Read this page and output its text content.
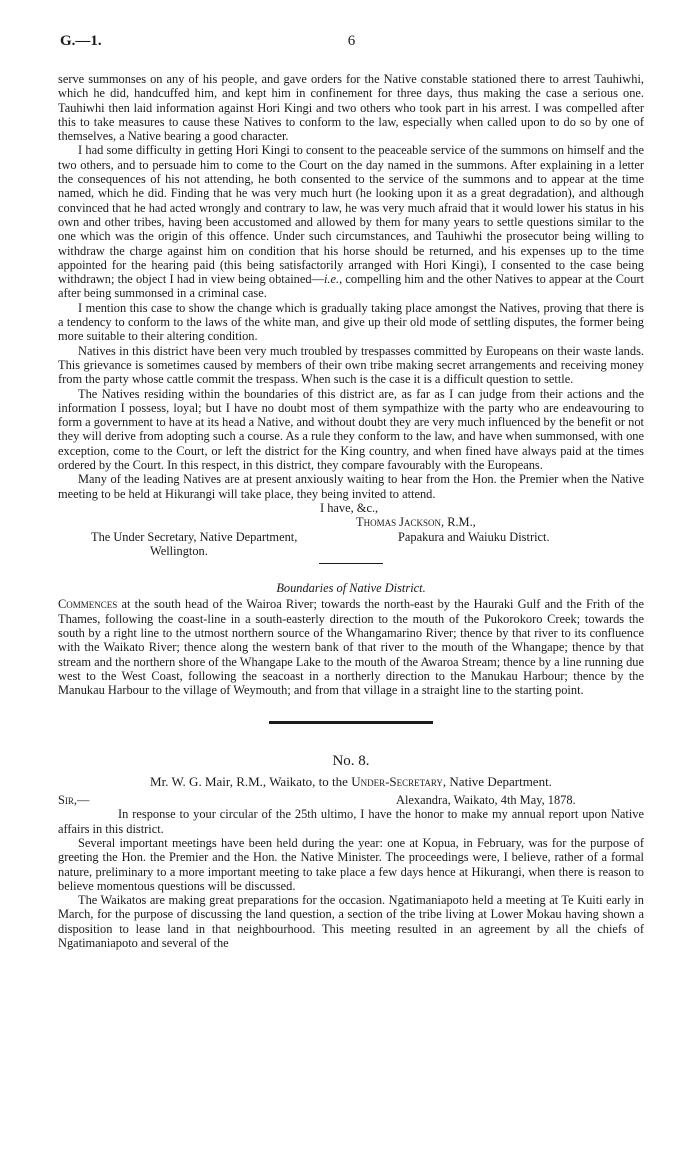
G.—1.	6

serve summonses on any of his people, and gave orders for the Native constable stationed there to arrest Tauhiwhi, which he did, handcuffed him, and kept him in confinement for three days, thus making the case a serious one. Tauhiwhi then laid information against Hori Kingi and two others who took part in his arrest. I was compelled after this to take measures to cause these Natives to conform to the law, especially when called upon to do so by one of themselves, a Native bearing a good character.

I had some difficulty in getting Hori Kingi to consent to the peaceable service of the summons on himself and the two others, and to persuade him to come to the Court on the day named in the summons. After explaining in a letter the consequences of his not attending, he both consented to the service of the summons and to appear at the time named, which he did. Finding that he was very much hurt (he looking upon it as a great degradation), and although convinced that he had acted wrongly and contrary to law, he was very much afraid that it would lower his status in his own and other tribes, having been accustomed and allowed by them for many years to settle questions similar to the one which was the origin of this offence. Under such circumstances, and Tauhiwhi the prosecutor being willing to withdraw the charge against him on condition that his horse should be returned, and his expenses up to the time appointed for the hearing paid (this being satisfactorily arranged with Hori Kingi), I consented to the case being withdrawn; the object I had in view being obtained—i.e., compelling him and the other Natives to appear at the Court after being summonsed in a criminal case.

I mention this case to show the change which is gradually taking place amongst the Natives, proving that there is a tendency to conform to the laws of the white man, and give up their old mode of settling disputes, the former being more suitable to their altering condition.

Natives in this district have been very much troubled by trespasses committed by Europeans on their waste lands. This grievance is sometimes caused by members of their own tribe making secret arrangements and receiving money from the party whose cattle commit the trespass. When such is the case it is a difficult question to settle.

The Natives residing within the boundaries of this district are, as far as I can judge from their actions and the information I possess, loyal; but I have no doubt most of them sympathize with the party who are endeavouring to form a government to have at its head a Native, and without doubt they are very much influenced by the benefit or not they will derive from adopting such a course. As a rule they conform to the law, and have when summonsed, with one exception, come to the Court, or left the district for the King country, and when fined have always paid at the times ordered by the Court. In this respect, in this district, they compare favourably with the Europeans.

Many of the leading Natives are at present anxiously waiting to hear from the Hon. the Premier when the Native meeting to be held at Hikurangi will take place, they being invited to attend.

I have, &c.,
Thomas Jackson, R.M.,
The Under Secretary, Native Department,	Papakura and Waiuku District.
Wellington.
Boundaries of Native District.

Commences at the south head of the Wairoa River; towards the north-east by the Hauraki Gulf and the Frith of the Thames, following the coast-line in a south-easterly direction to the mouth of the Pukorokoro Creek; towards the south by a right line to the utmost northern source of the Whangamarino River; thence by that river to its confluence with the Waikato River; thence along the western bank of that river to the mouth of the Whangape; thence by that stream and the northern shore of the Whangape Lake to the mouth of the Awaroa Stream; thence by a line running due west to the West Coast, following the seacoast in a northerly direction to the Manukau Harbour; thence by the Manukau Harbour to the village of Weymouth; and from that village in a straight line to the starting point.

No. 8.
Mr. W. G. Mair, R.M., Waikato, to the Under-Secretary, Native Department.
Sir,—	Alexandra, Waikato, 4th May, 1878.

In response to your circular of the 25th ultimo, I have the honor to make my annual report upon Native affairs in this district.

Several important meetings have been held during the year: one at Kopua, in February, was for the purpose of greeting the Hon. the Premier and the Hon. the Native Minister. The proceedings were, I believe, rather of a formal nature, preliminary to a more important meeting to take place a few days hence at Hikurangi, when there is reason to believe momentous questions will be discussed.

The Waikatos are making great preparations for the occasion. Ngatimaniapoto held a meeting at Te Kuiti early in March, for the purpose of discussing the land question, a section of the tribe living at Lower Mokau having shown a disposition to lease land in that neighbourhood. This meeting resulted in an agreement by all the chiefs of Ngatimaniapoto and several of the
